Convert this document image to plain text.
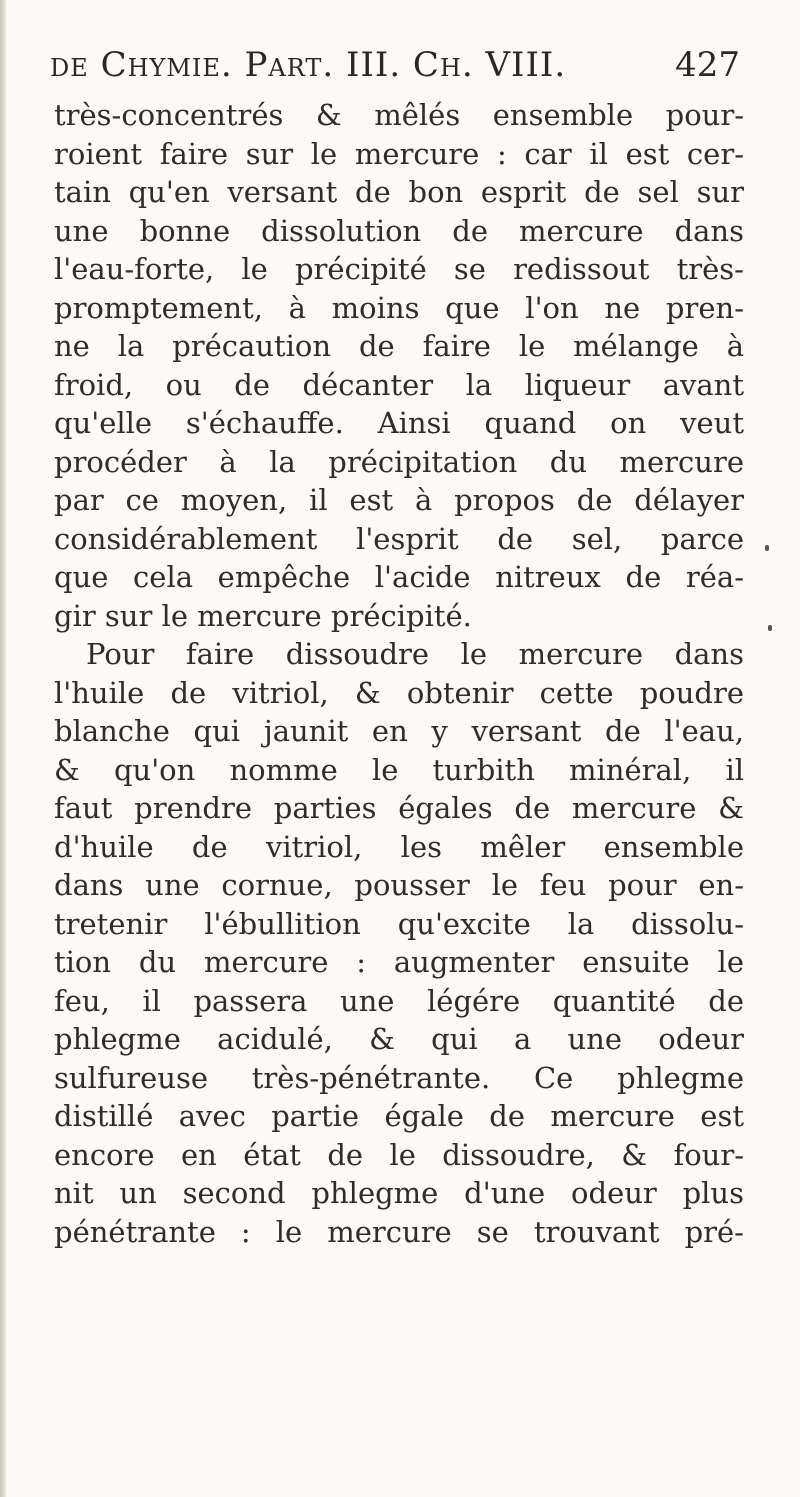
de Chymie. Part. III. Ch. VIII.	427
très-concentrés & mêlés ensemble pour-
roient faire sur le mercure : car il est cer-
tain qu'en versant de bon esprit de sel sur
une bonne dissolution de mercure dans
l'eau-forte, le précipité se redissout très-
promptement, à moins que l'on ne pren-
ne la précaution de faire le mélange à
froid, ou de décanter la liqueur avant
qu'elle s'échauffe. Ainsi quand on veut
procéder à la précipitation du mercure
par ce moyen, il est à propos de délayer
considérablement l'esprit de sel, parce
que cela empêche l'acide nitreux de réa-
gir sur le mercure précipité.
Pour faire dissoudre le mercure dans
l'huile de vitriol, & obtenir cette poudre
blanche qui jaunit en y versant de l'eau,
& qu'on nomme le turbith minéral, il
faut prendre parties égales de mercure &
d'huile de vitriol, les mêler ensemble
dans une cornue, pousser le feu pour en-
tretenir l'ébullition qu'excite la dissolu-
tion du mercure : augmenter ensuite le
feu, il passera une légére quantité de
phlegme acidulé, & qui a une odeur
sulfureuse très-pénétrante. Ce phlegme
distillé avec partie égale de mercure est
encore en état de le dissoudre, & four-
nit un second phlegme d'une odeur plus
pénétrante : le mercure se trouvant pré-
